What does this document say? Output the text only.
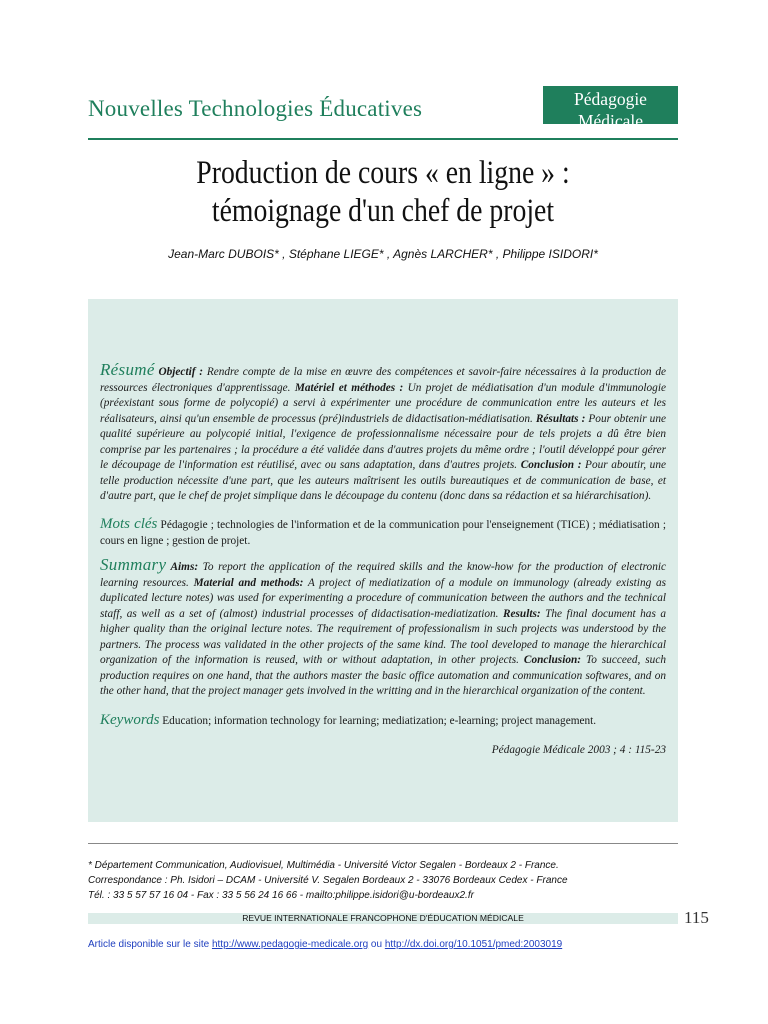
Nouvelles Technologies Éducatives	Pédagogie Médicale
REVUE INTERNATIONALE FRANCOPHONE D'ÉDUCATION MÉDICALE
Production de cours « en ligne » :
témoignage d'un chef de projet
Jean-Marc DUBOIS* , Stéphane LIEGE* , Agnès LARCHER* , Philippe ISIDORI*
Résumé Objectif : Rendre compte de la mise en œuvre des compétences et savoir-faire nécessaires à la production de ressources électroniques d'apprentissage. Matériel et méthodes : Un projet de médiatisation d'un module d'immunologie (préexistant sous forme de polycopié) a servi à expérimenter une procédure de communication entre les auteurs et les réalisateurs, ainsi qu'un ensemble de processus (pré)industriels de didactisation-médiatisation. Résultats : Pour obtenir une qualité supérieure au polycopié initial, l'exigence de professionnalisme nécessaire pour de tels projets a dû être bien comprise par les partenaires ; la procédure a été validée dans d'autres projets du même ordre ; l'outil développé pour gérer le découpage de l'information est réutilisé, avec ou sans adaptation, dans d'autres projets. Conclusion : Pour aboutir, une telle production nécessite d'une part, que les auteurs maîtrisent les outils bureautiques et de communication de base, et d'autre part, que le chef de projet simplique dans le découpage du contenu (donc dans sa rédaction et sa hiérarchisation).
Mots clés Pédagogie ; technologies de l'information et de la communication pour l'enseignement (TICE) ; médiatisation ; cours en ligne ; gestion de projet.
Summary Aims: To report the application of the required skills and the know-how for the production of electronic learning resources. Material and methods: A project of mediatization of a module on immunology (already existing as duplicated lecture notes) was used for experimenting a procedure of communication between the authors and the technical staff, as well as a set of (almost) industrial processes of didactisation-mediatization. Results: The final document has a higher quality than the original lecture notes. The requirement of professionalism in such projects was understood by the partners. The process was validated in the other projects of the same kind. The tool developed to manage the hierarchical organization of the information is reused, with or without adaptation, in other projects. Conclusion: To succeed, such production requires on one hand, that the authors master the basic office automation and communication softwares, and on the other hand, that the project manager gets involved in the writting and in the hierarchical organization of the content.
Keywords Education; information technology for learning; mediatization; e-learning; project management.
Pédagogie Médicale 2003 ; 4 : 115-23
* Département Communication, Audiovisuel, Multimédia - Université Victor Segalen - Bordeaux 2 - France.
Correspondance : Ph. Isidori – DCAM - Université V. Segalen Bordeaux 2 - 33076 Bordeaux Cedex - France
Tél. : 33 5 57 57 16 04 - Fax : 33 5 56 24 16 66 - mailto:philippe.isidori@u-bordeaux2.fr
REVUE INTERNATIONALE FRANCOPHONE D'ÉDUCATION MÉDICALE	115
Article disponible sur le site http://www.pedagogie-medicale.org ou http://dx.doi.org/10.1051/pmed:2003019
